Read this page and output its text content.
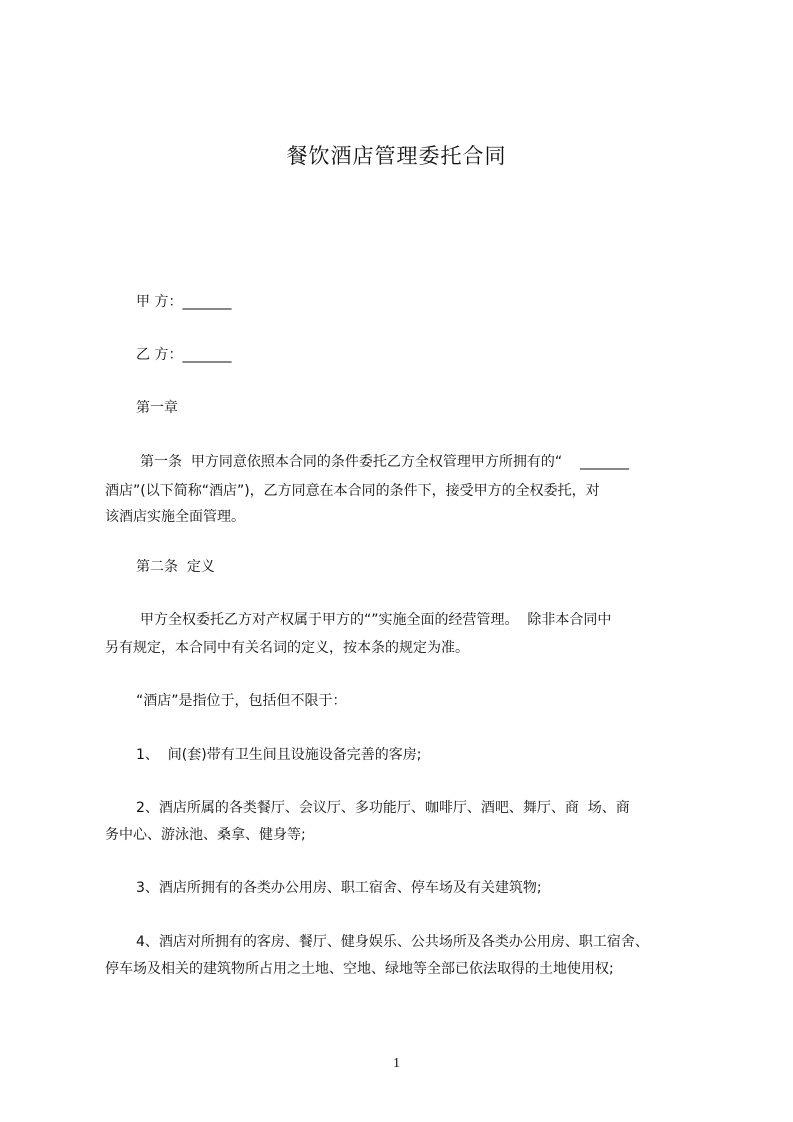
餐饮酒店管理委托合同
甲 方：_______
乙 方：_______
第一章
第一条  甲方同意依照本合同的条件委托乙方全权管理甲方所拥有的“    _______
酒店”(以下简称“酒店”)，乙方同意在本合同的条件下，接受甲方的全权委托，对
该酒店实施全面管理。
第二条  定义
甲方全权委托乙方对产权属于甲方的“”实施全面的经营管理。  除非本合同中
另有规定，本合同中有关名词的定义，按本条的规定为准。
“酒店”是指位于，包括但不限于：
1、  间(套)带有卫生间且设施设备完善的客房;
2、酒店所属的各类餐厅、会议厅、多功能厅、咖啡厅、酒吧、舞厅、商  场、商
务中心、游泳池、桑拿、健身等;
3、酒店所拥有的各类办公用房、职工宿舍、停车场及有关建筑物;
4、酒店对所拥有的客房、餐厅、健身娱乐、公共场所及各类办公用房、职工宿舍、
停车场及相关的建筑物所占用之土地、空地、绿地等全部已依法取得的土地使用权;
1
